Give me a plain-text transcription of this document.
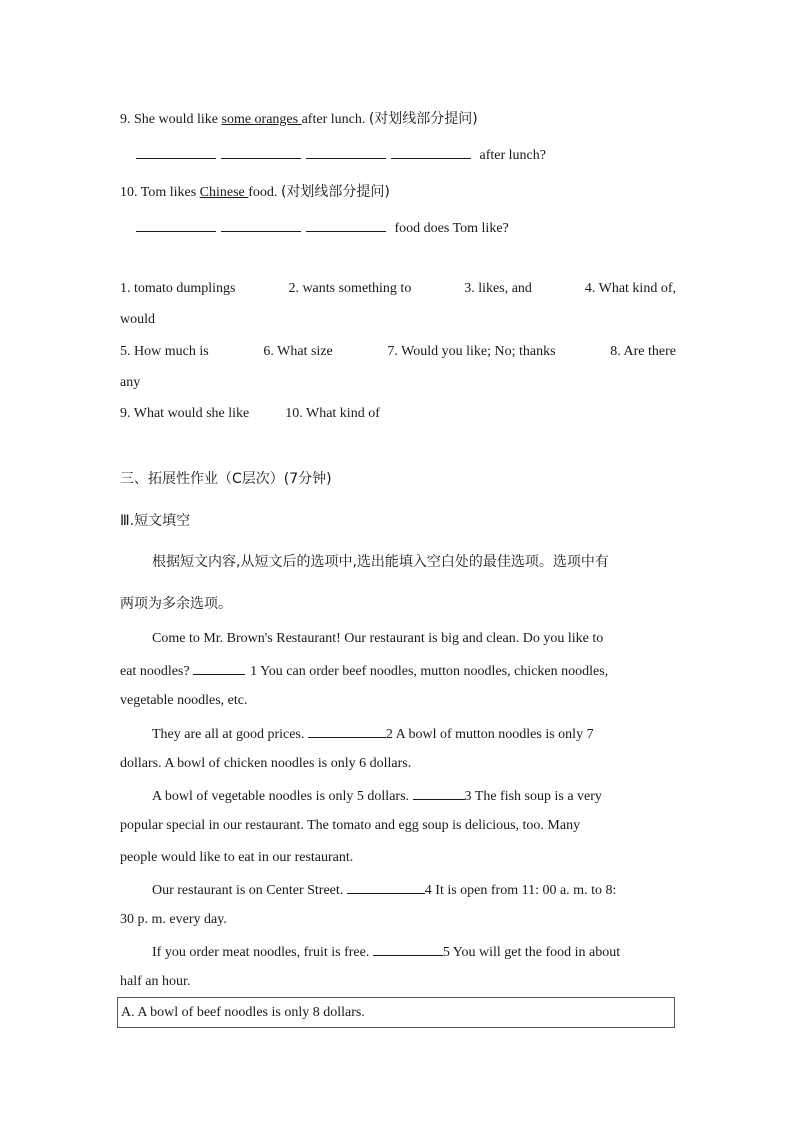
9. She would like some oranges after lunch. (对划线部分提问)
after lunch?
10. Tom likes Chinese food. (对划线部分提问)
food does Tom like?
1. tomato dumplings	2. wants something to	3. likes, and	4. What kind of,
would
5. How much is	6. What size	7. Would you like; No; thanks	8. Are there
any
9. What would she like	10. What kind of
三、拓展性作业（C层次）(7分钟)
Ⅲ.短文填空
根据短文内容,从短文后的选项中,选出能填入空白处的最佳选项。选项中有
两项为多余选项。
Come to Mr. Brown's Restaurant! Our restaurant is big and clean. Do you like to
eat noodles?	1 You can order beef noodles, mutton noodles, chicken noodles,
vegetable noodles, etc.
They are all at good prices.	2 A bowl of mutton noodles is only 7
dollars. A bowl of chicken noodles is only 6 dollars.
A bowl of vegetable noodles is only 5 dollars.	3 The fish soup is a very
popular special in our restaurant. The tomato and egg soup is delicious, too. Many
people would like to eat in our restaurant.
Our restaurant is on Center Street.	4 It is open from 11: 00 a. m. to 8:
30 p. m. every day.
If you order meat noodles, fruit is free.	5 You will get the food in about
half an hour.
A. A bowl of beef noodles is only 8 dollars.
